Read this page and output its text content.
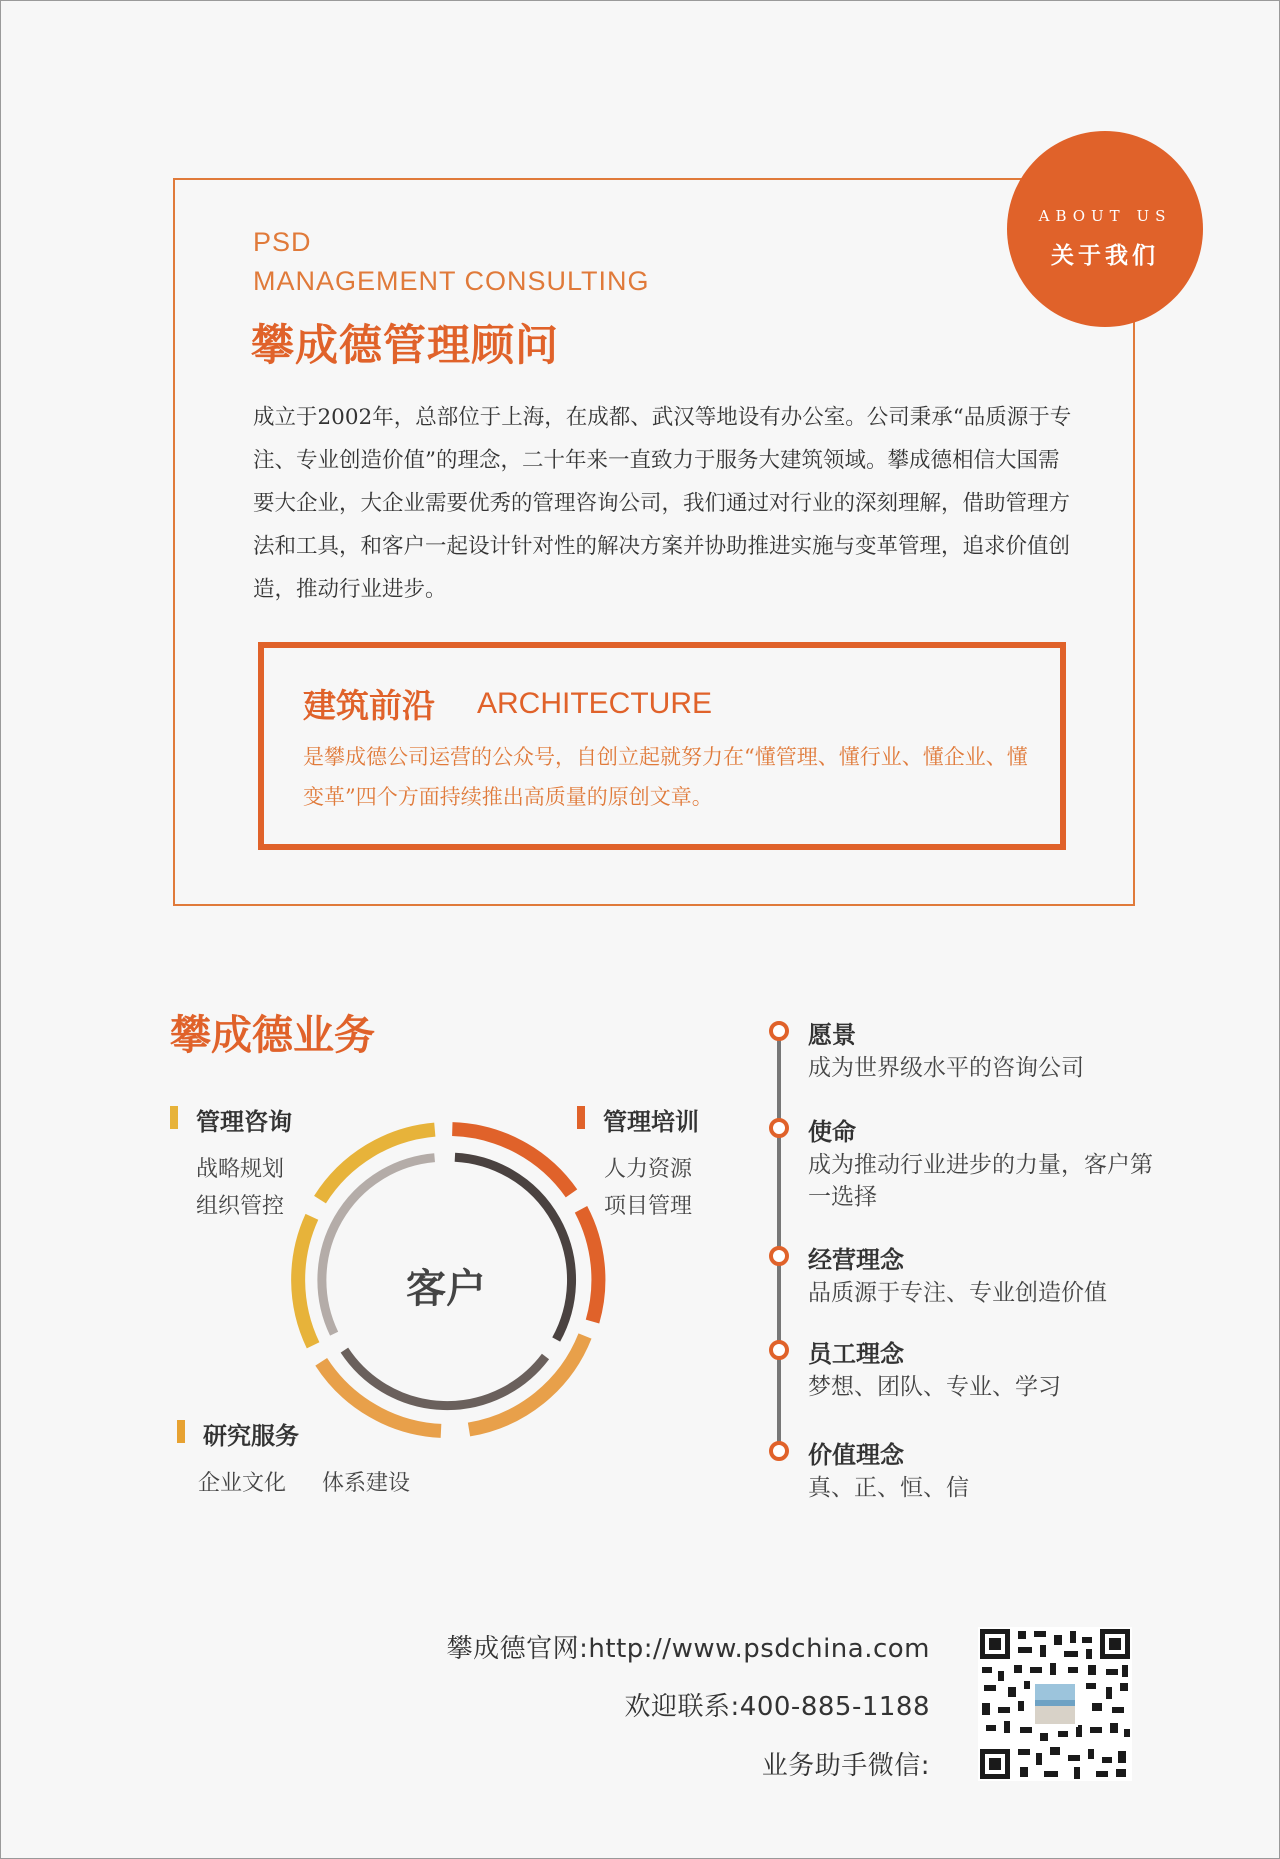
ABOUT US
关于我们
PSD
MANAGEMENT CONSULTING
攀成德管理顾问
成立于2002年，总部位于上海，在成都、武汉等地设有办公室。公司秉承“品质源于专注、专业创造价值”的理念，二十年来一直致力于服务大建筑领域。攀成德相信大国需要大企业，大企业需要优秀的管理咨询公司，我们通过对行业的深刻理解，借助管理方法和工具，和客户一起设计针对性的解决方案并协助推进实施与变革管理，追求价值创造，推动行业进步。
建筑前沿 ARCHITECTURE
是攀成德公司运营的公众号，自创立起就努力在“懂管理、懂行业、懂企业、懂变革”四个方面持续推出高质量的原创文章。
攀成德业务
管理咨询
战略规划
组织管控
管理培训
人力资源
项目管理
研究服务
企业文化 体系建设
客户
愿景
成为世界级水平的咨询公司
使命
成为推动行业进步的力量，客户第一选择
经营理念
品质源于专注、专业创造价值
员工理念
梦想、团队、专业、学习
价值理念
真、正、恒、信
攀成德官网:http://www.psdchina.com
欢迎联系:400-885-1188
业务助手微信:
